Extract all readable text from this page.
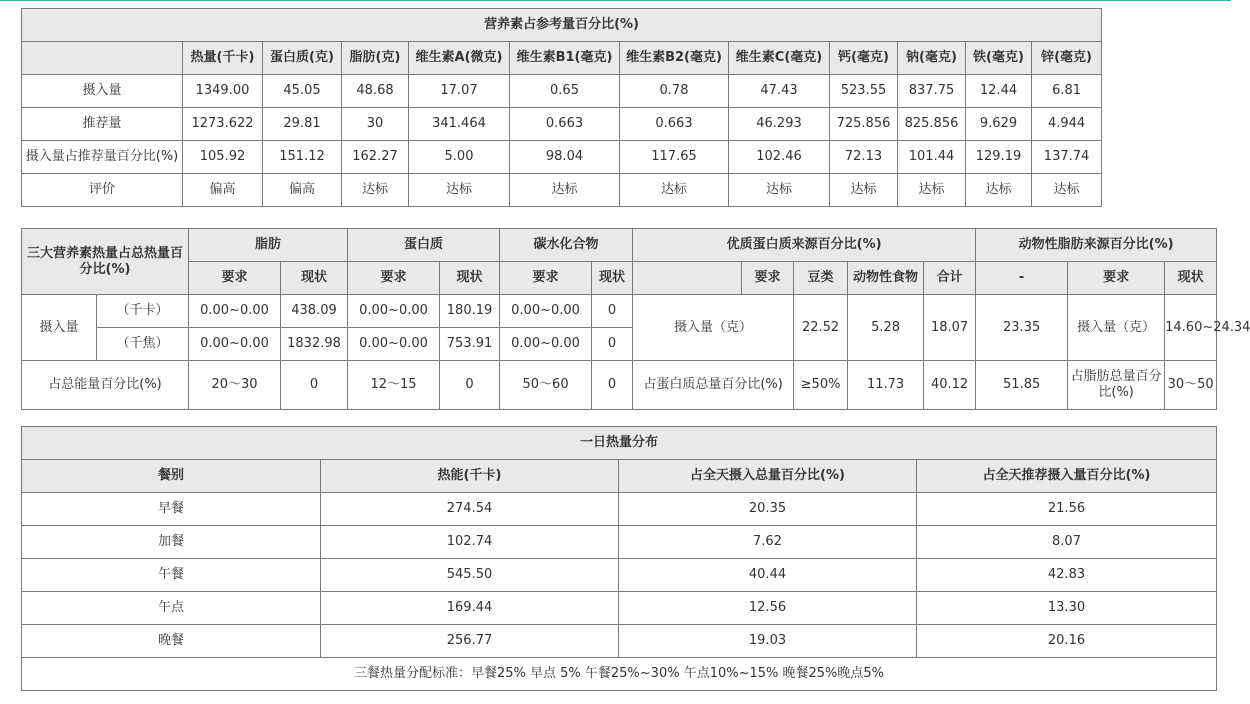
营养素占参考量百分比(%)											
	热量(千卡)	蛋白质(克)	脂肪(克)	维生素A(微克)	维生素B1(毫克)	维生素B2(毫克)	维生素C(毫克)	钙(毫克)	钠(毫克)	铁(毫克)	锌(毫克)
摄入量	1349.00	45.05	48.68	17.07	0.65	0.78	47.43	523.55	837.75	12.44	6.81
推荐量	1273.622	29.81	30	341.464	0.663	0.663	46.293	725.856	825.856	9.629	4.944
摄入量占推荐量百分比(%)	105.92	151.12	162.27	5.00	98.04	117.65	102.46	72.13	101.44	129.19	137.74
评价	偏高	偏高	达标	达标	达标	达标	达标	达标	达标	达标	达标
三大营养素热量占总热量百分比(%)		脂肪		蛋白质		碳水化合物		优质蛋白质来源百分比(%)					动物性脂肪来源百分比(%)			
		要求	现状	要求	现状	要求	现状		要求	豆类	动物性食物	合计	-	要求	现状	
摄入量	（千卡）	0.00~0.00	438.09	0.00~0.00	180.19	0.00~0.00	0	摄入量（克）		22.52	5.28	18.07	23.35	摄入量（克）	14.60~24.34	
	（千焦）	0.00~0.00	1832.98	0.00~0.00	753.91	0.00~0.00	0									
占总能量百分比(%)		20～30	0	12～15	0	50～60	0	占蛋白质总量百分比(%)		≥50%	11.73	40.12	51.85	占脂肪总量百分比(%)	30～50	
一日热量分布			
餐别	热能(千卡)	占全天摄入总量百分比(%)	占全天推荐摄入量百分比(%)
早餐	274.54	20.35	21.56
加餐	102.74	7.62	8.07
午餐	545.50	40.44	42.83
午点	169.44	12.56	13.30
晚餐	256.77	19.03	20.16
三餐热量分配标准：早餐25% 早点 5% 午餐25%~30% 午点10%~15% 晚餐25%晚点5%			
